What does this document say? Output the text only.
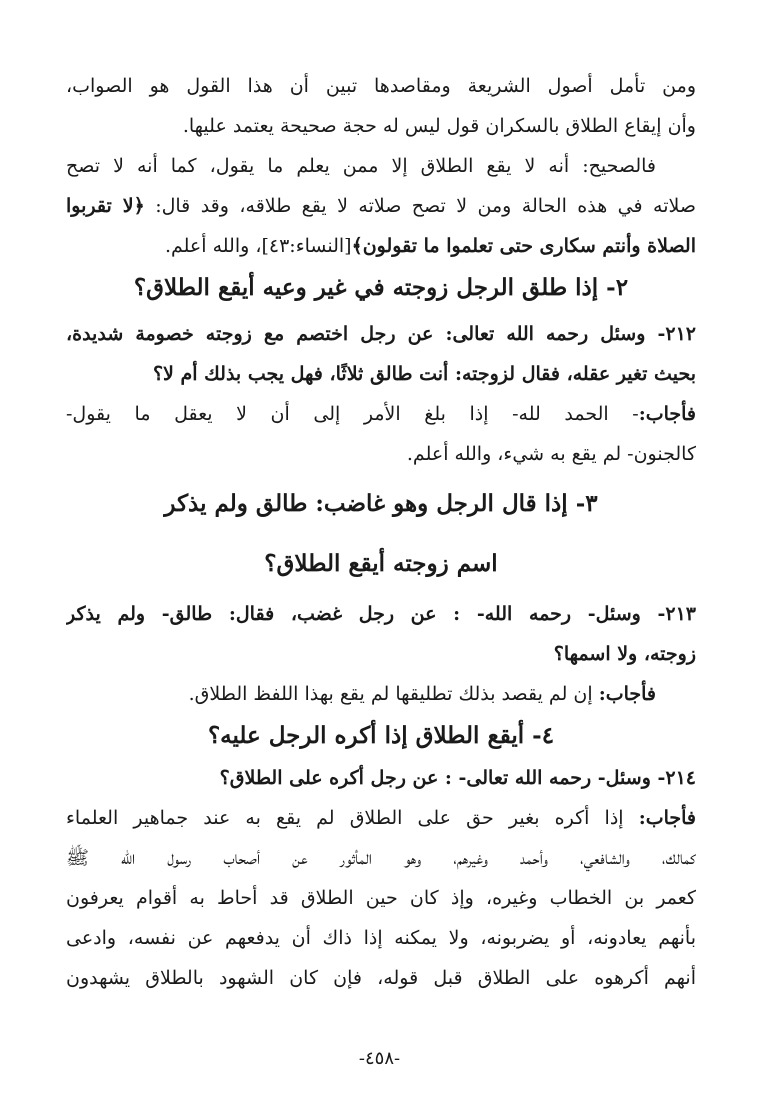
ومن تأمل أصول الشريعة ومقاصدها تبين أن هذا القول هو الصواب،
وأن إيقاع الطلاق بالسكران قول ليس له حجة صحيحة يعتمد عليها.
فالصحيح: أنه لا يقع الطلاق إلا ممن يعلم ما يقول، كما أنه لا تصح
صلاته في هذه الحالة ومن لا تصح صلاته لا يقع طلاقه، وقد قال: ﴿لا تقربوا
الصلاة وأنتم سكارى حتى تعلموا ما تقولون﴾[النساء:٤٣]، والله أعلم.
٢- إذا طلق الرجل زوجته في غير وعيه أيقع الطلاق؟
٢١٢- وسئل رحمه الله تعالى: عن رجل اختصم مع زوجته خصومة شديدة،
بحيث تغير عقله، فقال لزوجته: أنت طالق ثلاثًا، فهل يجب بذلك أم لا؟
فأجاب:- الحمد لله- إذا بلغ الأمر إلى أن لا يعقل ما يقول-
كالجنون- لم يقع به شيء، والله أعلم.
٣- إذا قال الرجل وهو غاضب: طالق ولم يذكر
اسم زوجته أيقع الطلاق؟
٢١٣- وسئل- رحمه الله- : عن رجل غضب، فقال: طالق- ولم يذكر
زوجته، ولا اسمها؟
فأجاب: إن لم يقصد بذلك تطليقها لم يقع بهذا اللفظ الطلاق.
٤- أيقع الطلاق إذا أكره الرجل عليه؟
٢١٤- وسئل- رحمه الله تعالى- : عن رجل أكره على الطلاق؟
فأجاب: إذا أكره بغير حق على الطلاق لم يقع به عند جماهير العلماء
كمالك، والشافعي، وأحمد وغيرهم، وهو المأثور عن أصحاب رسول الله ﷺ
كعمر بن الخطاب وغيره، وإذ كان حين الطلاق قد أحاط به أقوام يعرفون
بأنهم يعادونه، أو يضربونه، ولا يمكنه إذا ذاك أن يدفعهم عن نفسه، وادعى
أنهم أكرهوه على الطلاق قبل قوله، فإن كان الشهود بالطلاق يشهدون
-٤٥٨-
